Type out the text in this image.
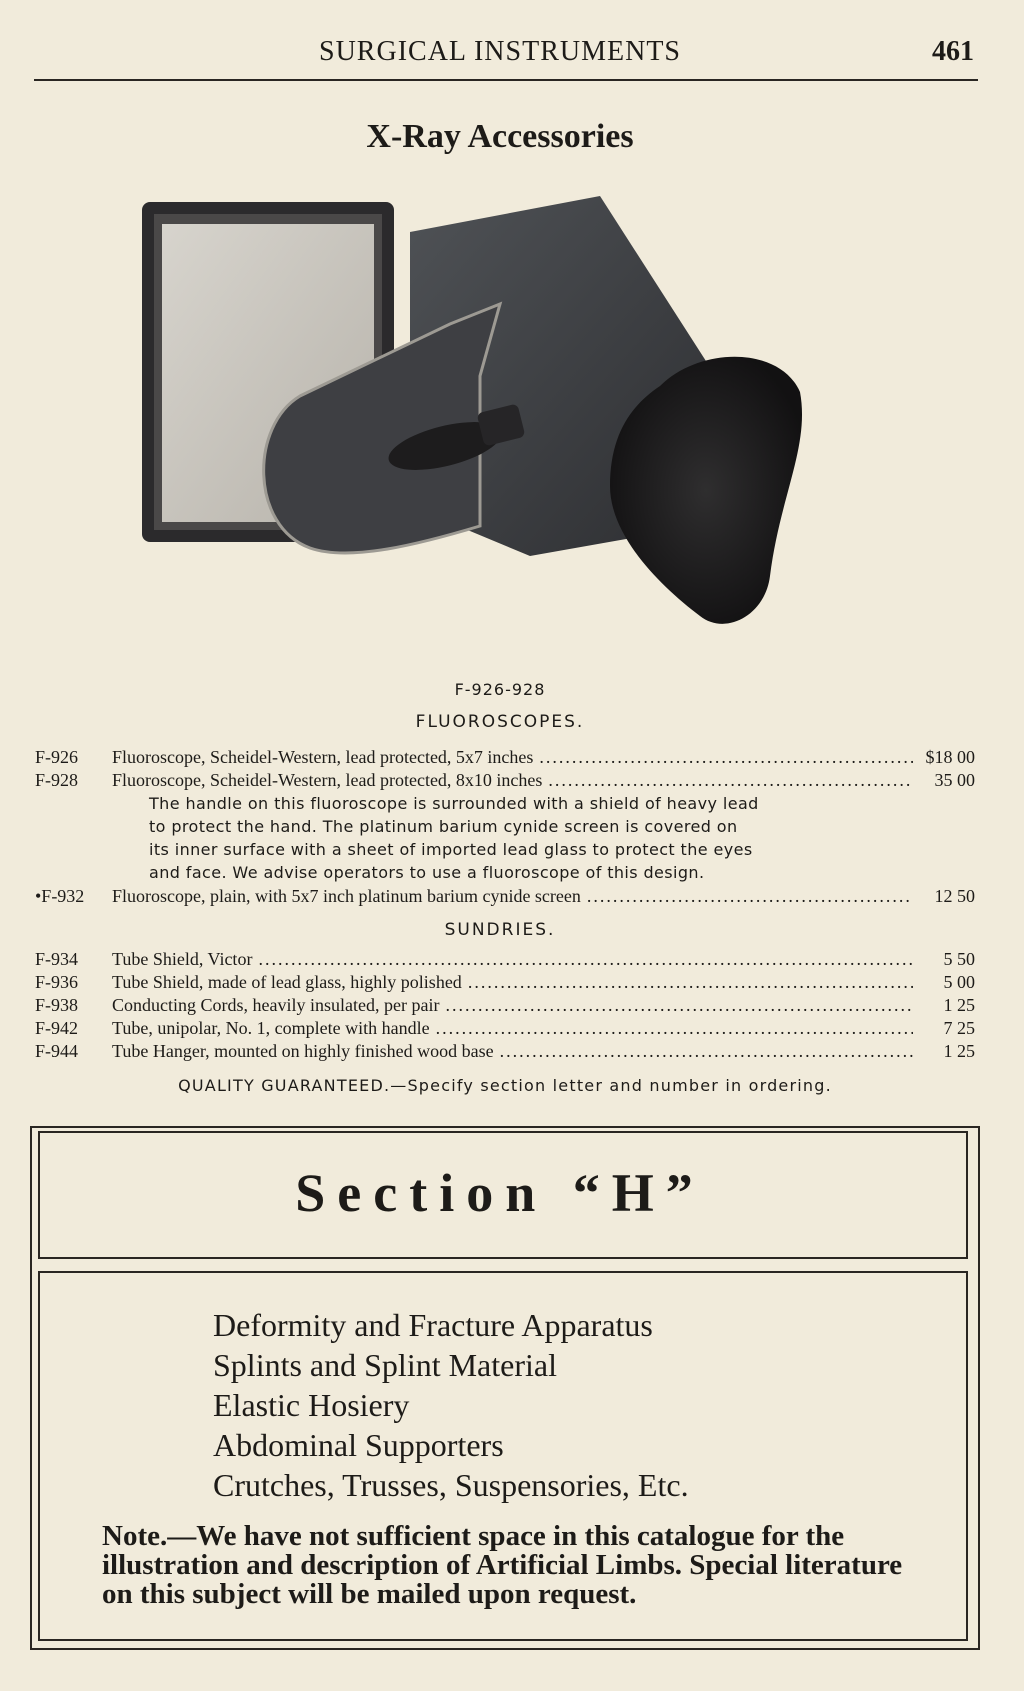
SURGICAL INSTRUMENTS	461
X-Ray Accessories
F-926-928
FLUOROSCOPES.
F-926	Fluoroscope, Scheidel-Western, lead protected, 5x7 inches .....	$18 00
F-928	Fluoroscope, Scheidel-Western, lead protected, 8x10 inches .....	35 00
The handle on this fluoroscope is surrounded with a shield of heavy lead
to protect the hand. The platinum barium cynide screen is covered on
its inner surface with a sheet of imported lead glass to protect the eyes
and face. We advise operators to use a fluoroscope of this design.
•F-932	Fluoroscope, plain, with 5x7 inch platinum barium cynide screen .....	12 50
SUNDRIES.
F-934	Tube Shield, Victor .....	5 50
F-936	Tube Shield, made of lead glass, highly polished .....	5 00
F-938	Conducting Cords, heavily insulated, per pair .....	1 25
F-942	Tube, unipolar, No. 1, complete with handle .....	7 25
F-944	Tube Hanger, mounted on highly finished wood base .....	1 25
QUALITY GUARANTEED.—Specify section letter and number in ordering.
Section “H”
Deformity and Fracture Apparatus
Splints and Splint Material
Elastic Hosiery
Abdominal Supporters
Crutches, Trusses, Suspensories, Etc.
Note.—We have not sufficient space in this catalogue for the illustration and description of Artificial Limbs. Special literature on this subject will be mailed upon request.
